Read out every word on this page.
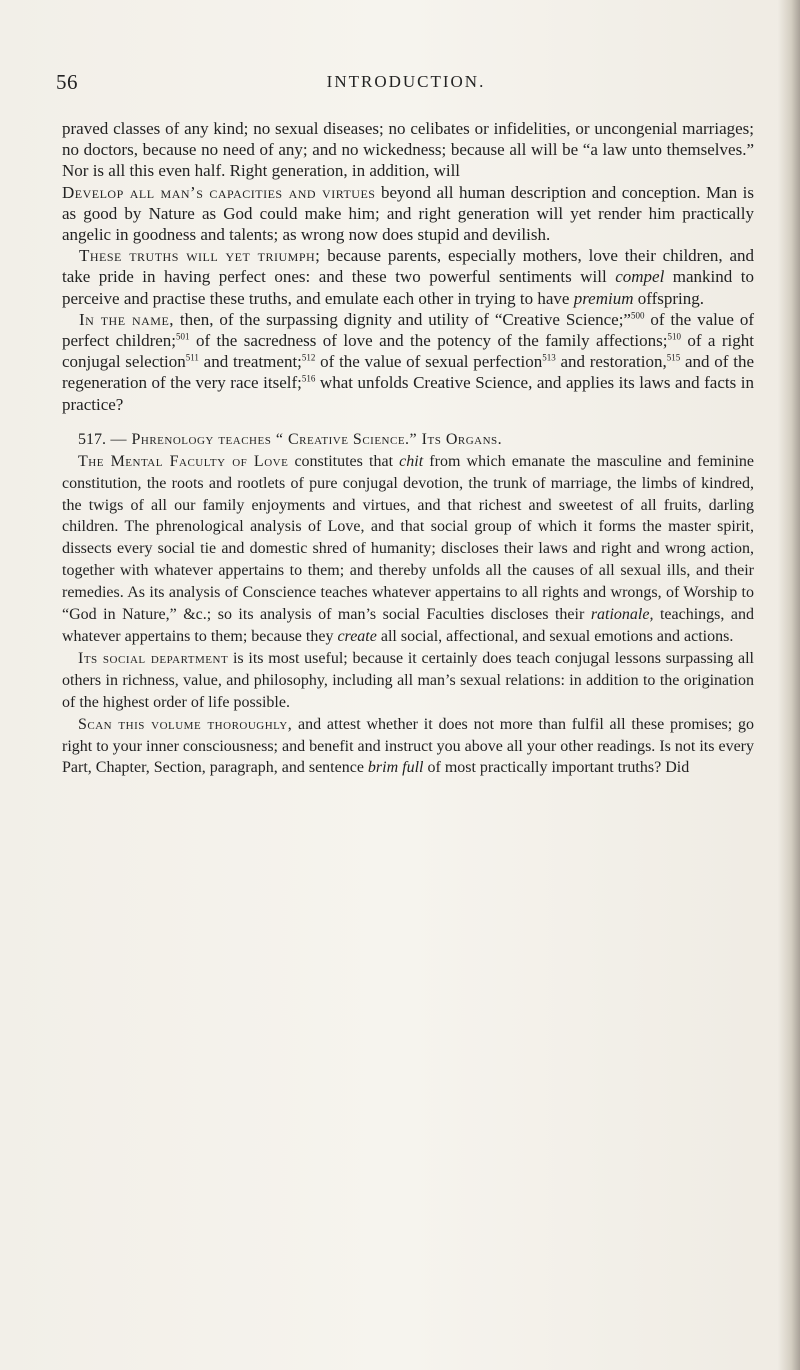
56	INTRODUCTION.

praved classes of any kind; no sexual diseases; no celibates or infidelities, or uncongenial marriages; no doctors, because no need of any; and no wickedness; because all will be “a law unto themselves.” Nor is all this even half. Right generation, in addition, will

Develop all man’s capacities and virtues beyond all human description and conception. Man is as good by Nature as God could make him; and right generation will yet render him practically angelic in goodness and talents; as wrong now does stupid and devilish.

 These truths will yet triumph; because parents, especially mothers, love their children, and take pride in having perfect ones: and these two powerful sentiments will compel mankind to perceive and practise these truths, and emulate each other in trying to have premium offspring.

 In the name, then, of the surpassing dignity and utility of “Creative Science;”$^{500}$ of the value of perfect children;$^{501}$ of the sacredness of love and the potency of the family affections;$^{510}$ of a right conjugal selection$^{511}$ and treatment;$^{512}$ of the value of sexual perfection$^{513}$ and restoration,$^{515}$ and of the regeneration of the very race itself;$^{516}$ what unfolds Creative Science, and applies its laws and facts in practice?

 517. — Phrenology teaches “ Creative Science.” Its Organs.

 The Mental Faculty of Love constitutes that chit from which emanate the masculine and feminine constitution, the roots and rootlets of pure conjugal devotion, the trunk of marriage, the limbs of kindred, the twigs of all our family enjoyments and virtues, and that richest and sweetest of all fruits, darling children. The phrenological analysis of Love, and that social group of which it forms the master spirit, dissects every social tie and domestic shred of humanity; discloses their laws and right and wrong action, together with whatever appertains to them; and thereby unfolds all the causes of all sexual ills, and their remedies. As its analysis of Conscience teaches whatever appertains to all rights and wrongs, of Worship to “God in Nature,” &c.; so its analysis of man’s social Faculties discloses their rationale, teachings, and whatever appertains to them; because they create all social, affectional, and sexual emotions and actions.

 Its social department is its most useful; because it certainly does teach conjugal lessons surpassing all others in richness, value, and philosophy, including all man’s sexual relations: in addition to the origination of the highest order of life possible.

 Scan this volume thoroughly, and attest whether it does not more than fulfil all these promises; go right to your inner consciousness; and benefit and instruct you above all your other readings. Is not its every Part, Chapter, Section, paragraph, and sentence brim full of most practically important truths? Did
